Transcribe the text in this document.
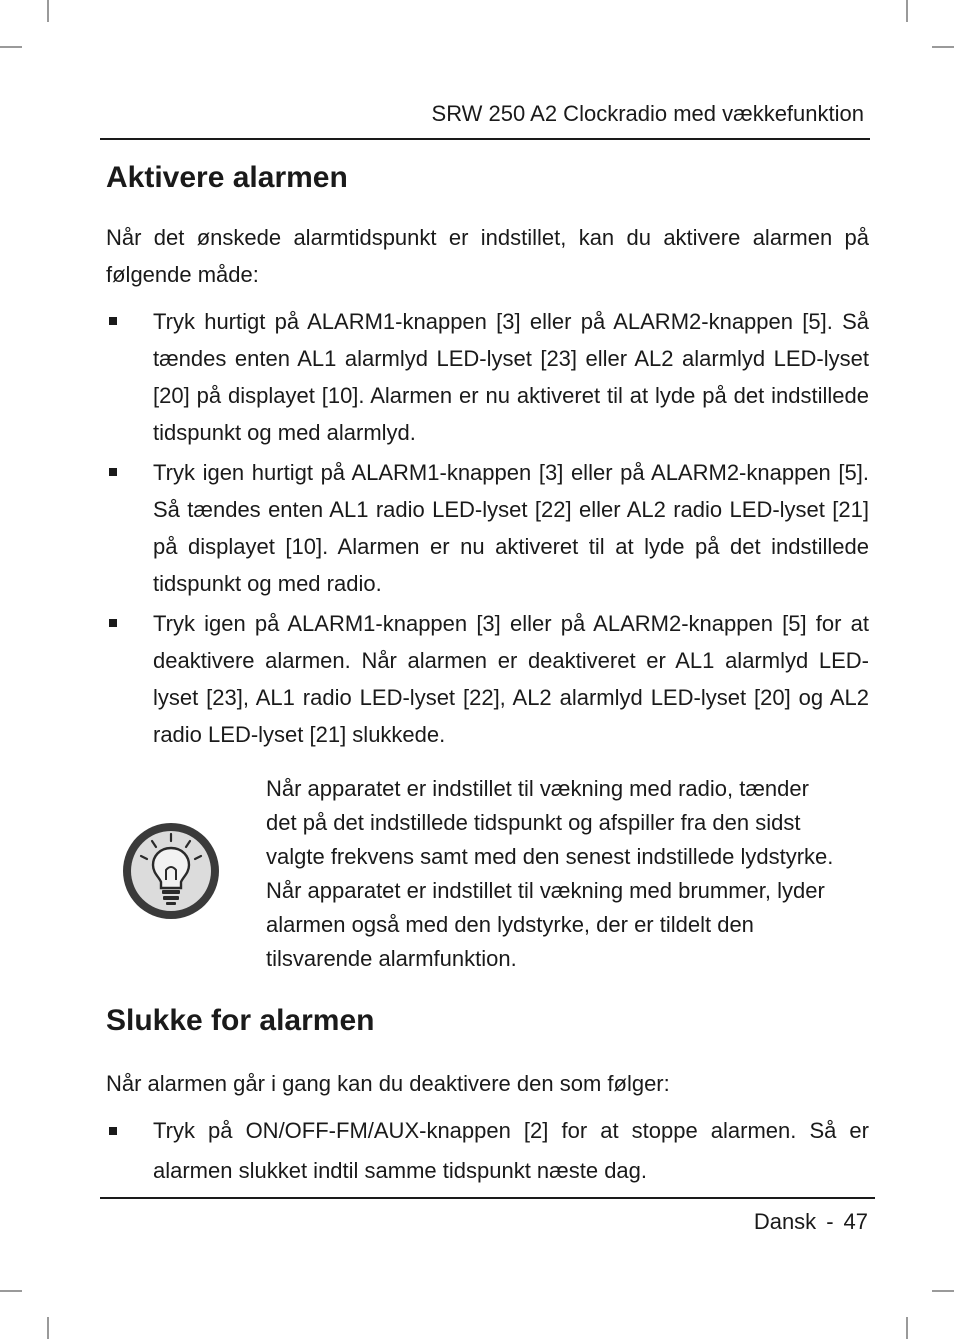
SRW 250 A2 Clockradio med vækkefunktion
Aktivere alarmen

Når det ønskede alarmtidspunkt er indstillet, kan du aktivere alarmen på følgende måde:

Tryk hurtigt på ALARM1-knappen [3] eller på ALARM2-knappen [5]. Så tændes enten AL1 alarmlyd LED-lyset [23] eller AL2 alarmlyd LED-lyset [20] på displayet [10]. Alarmen er nu aktiveret til at lyde på det indstillede tidspunkt og med alarmlyd.
Tryk igen hurtigt på ALARM1-knappen [3] eller på ALARM2-knappen [5]. Så tændes enten AL1 radio LED-lyset [22] eller AL2 radio LED-lyset [21] på displayet [10]. Alarmen er nu aktiveret til at lyde på det indstillede tidspunkt og med radio.
Tryk igen på ALARM1-knappen [3] eller på ALARM2-knappen [5] for at deaktivere alarmen. Når alarmen er deaktiveret er AL1 alarmlyd LED-lyset [23], AL1 radio LED-lyset [22], AL2 alarmlyd LED-lyset [20] og AL2 radio LED-lyset [21] slukkede.
Når apparatet er indstillet til vækning med radio, tænder
det på det indstillede tidspunkt og afspiller fra den sidst
valgte frekvens samt med den senest indstillede lydstyrke.
Når apparatet er indstillet til vækning med brummer, lyder
alarmen også med den lydstyrke, der er tildelt den
tilsvarende alarmfunktion.
Slukke for alarmen

Når alarmen går i gang kan du deaktivere den som følger:

Tryk på ON/OFF-FM/AUX-knappen [2] for at stoppe alarmen. Så er alarmen slukket indtil samme tidspunkt næste dag.
Dansk - 47
